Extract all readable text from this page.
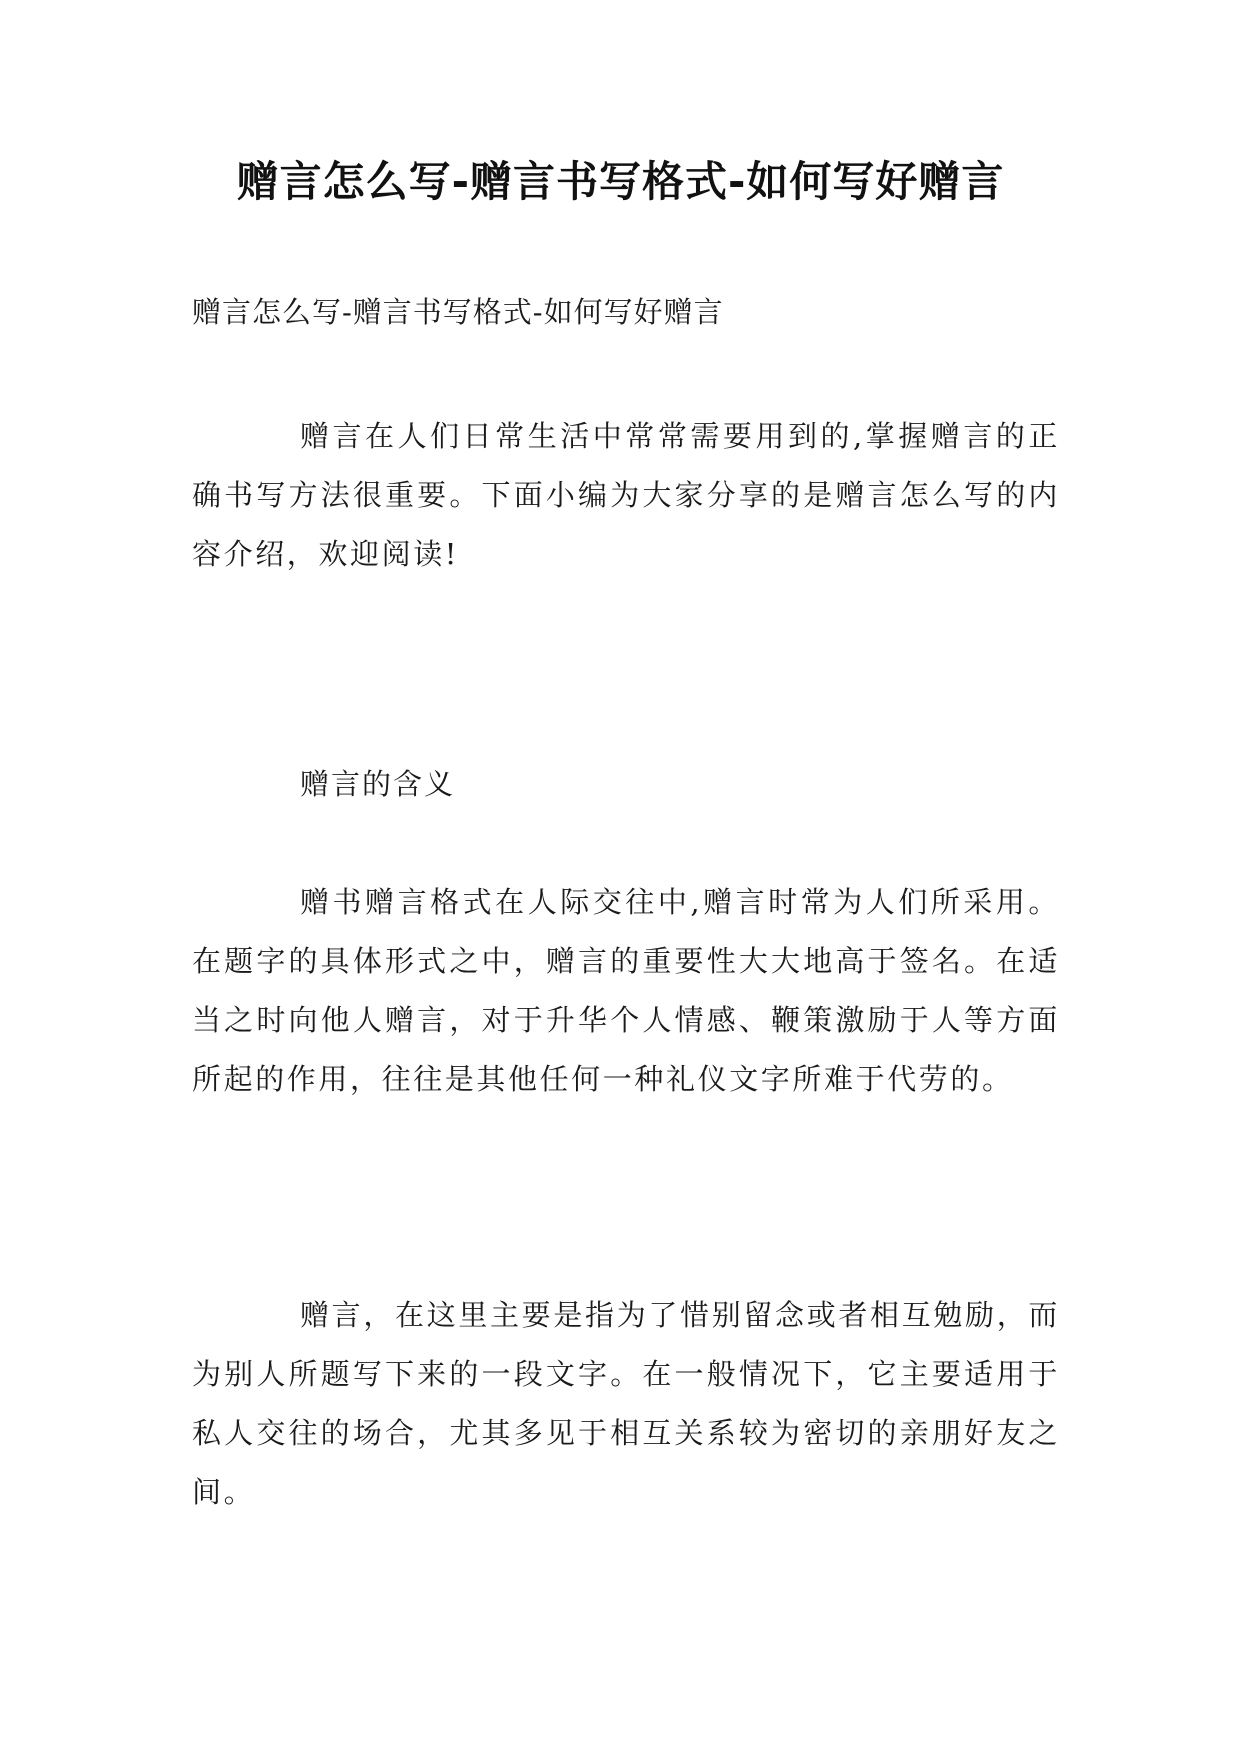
赠言怎么写-赠言书写格式-如何写好赠言

赠言怎么写-赠言书写格式-如何写好赠言

赠言在人们日常生活中常常需要用到的,掌握赠言的正确书写方法很重要。下面小编为大家分享的是赠言怎么写的内容介绍，欢迎阅读!

赠言的含义

赠书赠言格式在人际交往中,赠言时常为人们所采用。在题字的具体形式之中，赠言的重要性大大地高于签名。在适当之时向他人赠言，对于升华个人情感、鞭策激励于人等方面所起的作用，往往是其他任何一种礼仪文字所难于代劳的。

赠言，在这里主要是指为了惜别留念或者相互勉励，而为别人所题写下来的一段文字。在一般情况下，它主要适用于私人交往的场合，尤其多见于相互关系较为密切的亲朋好友之间。
